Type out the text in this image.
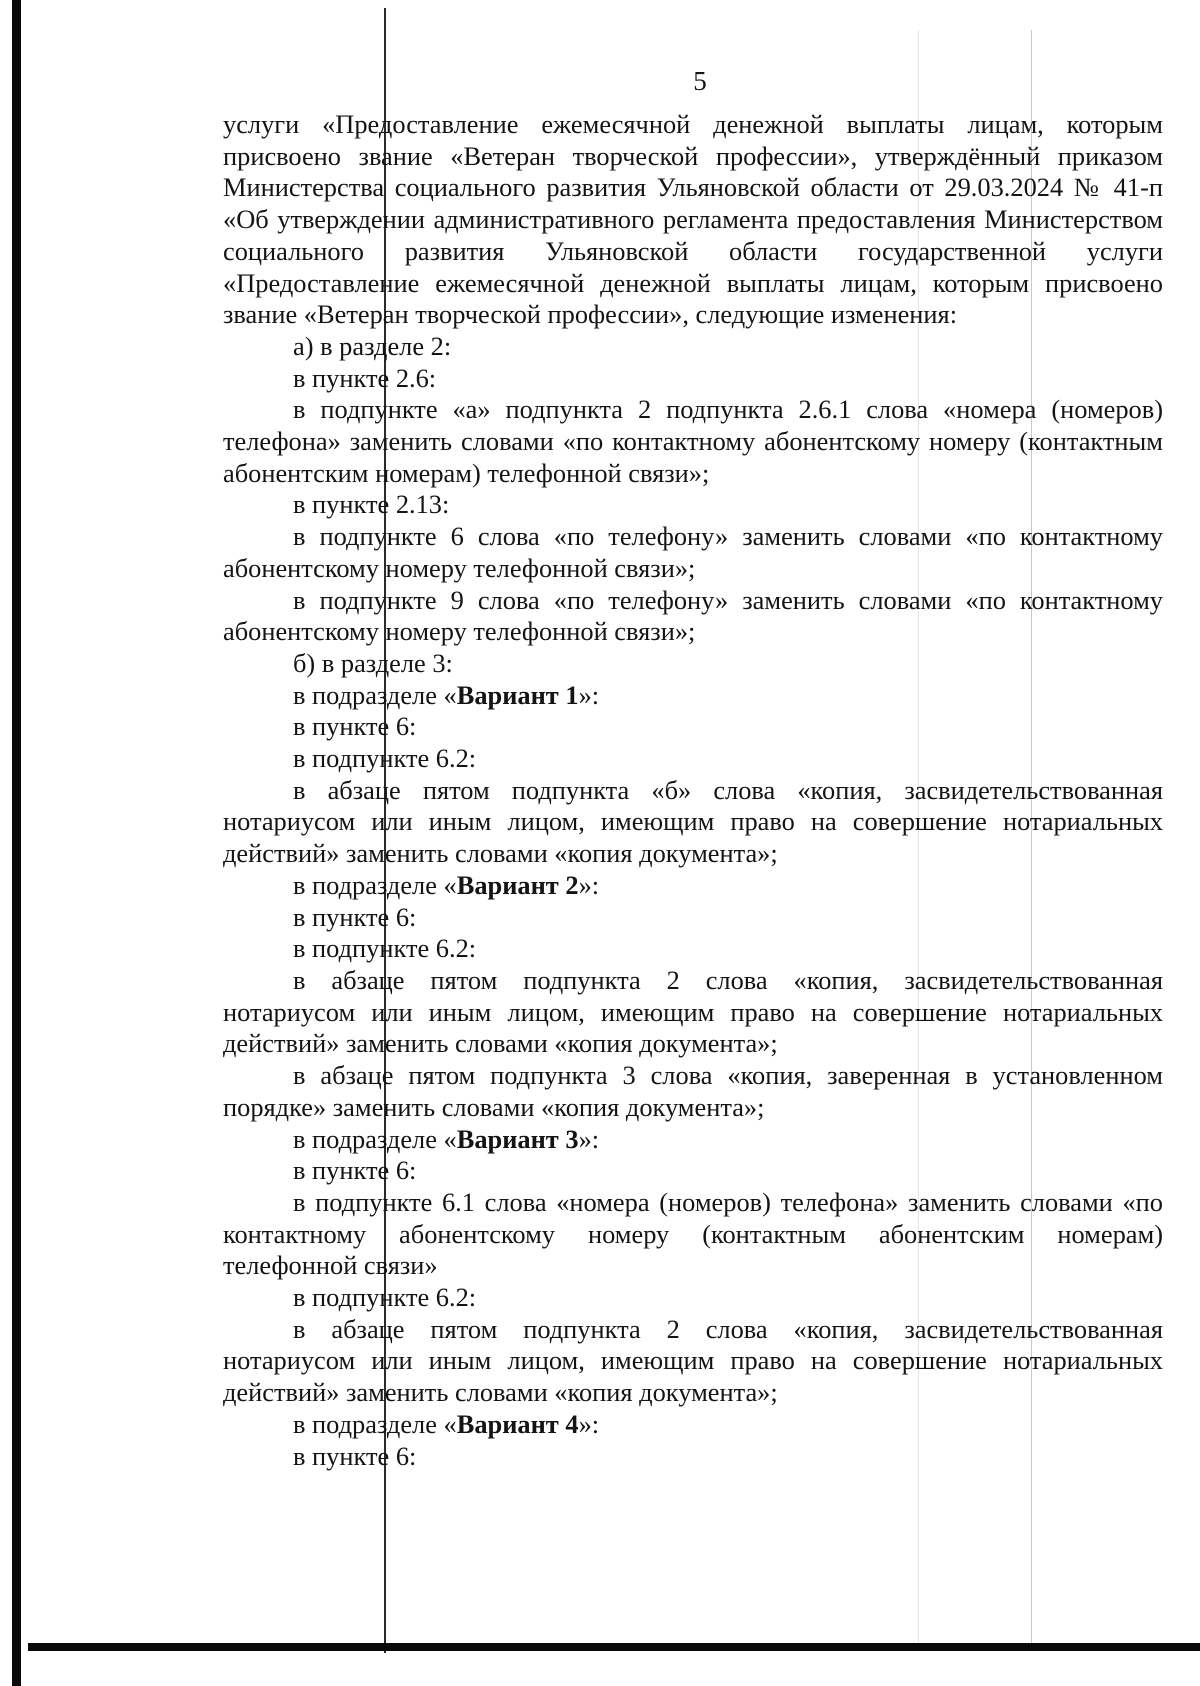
5

услуги «Предоставление ежемесячной денежной выплаты лицам, которым присвоено звание «Ветеран творческой профессии», утверждённый приказом Министерства социального развития Ульяновской области от 29.03.2024 № 41-п «Об утверждении административного регламента предоставления Министерством социального развития Ульяновской области государственной услуги «Предоставление ежемесячной денежной выплаты лицам, которым присвоено звание «Ветеран творческой профессии», следующие изменения:

а) в разделе 2:

в пункте 2.6:

в подпункте «а» подпункта 2 подпункта 2.6.1 слова «номера (номеров) телефона» заменить словами «по контактному абонентскому номеру (контактным абонентским номерам) телефонной связи»;

в пункте 2.13:

в подпункте 6 слова «по телефону» заменить словами «по контактному абонентскому номеру телефонной связи»;

в подпункте 9 слова «по телефону» заменить словами «по контактному абонентскому номеру телефонной связи»;

б) в разделе 3:

в подразделе «Вариант 1»:

в пункте 6:

в подпункте 6.2:

в абзаце пятом подпункта «б» слова «копия, засвидетельствованная нотариусом или иным лицом, имеющим право на совершение нотариальных действий» заменить словами «копия документа»;

в подразделе «Вариант 2»:

в пункте 6:

в подпункте 6.2:

в абзаце пятом подпункта 2 слова «копия, засвидетельствованная нотариусом или иным лицом, имеющим право на совершение нотариальных действий» заменить словами «копия документа»;

в абзаце пятом подпункта 3 слова «копия, заверенная в установленном порядке» заменить словами «копия документа»;

в подразделе «Вариант 3»:

в пункте 6:

в подпункте 6.1 слова «номера (номеров) телефона» заменить словами «по контактному абонентскому номеру (контактным абонентским номерам) телефонной связи»

в подпункте 6.2:

в абзаце пятом подпункта 2 слова «копия, засвидетельствованная нотариусом или иным лицом, имеющим право на совершение нотариальных действий» заменить словами «копия документа»;

в подразделе «Вариант 4»:

в пункте 6:
